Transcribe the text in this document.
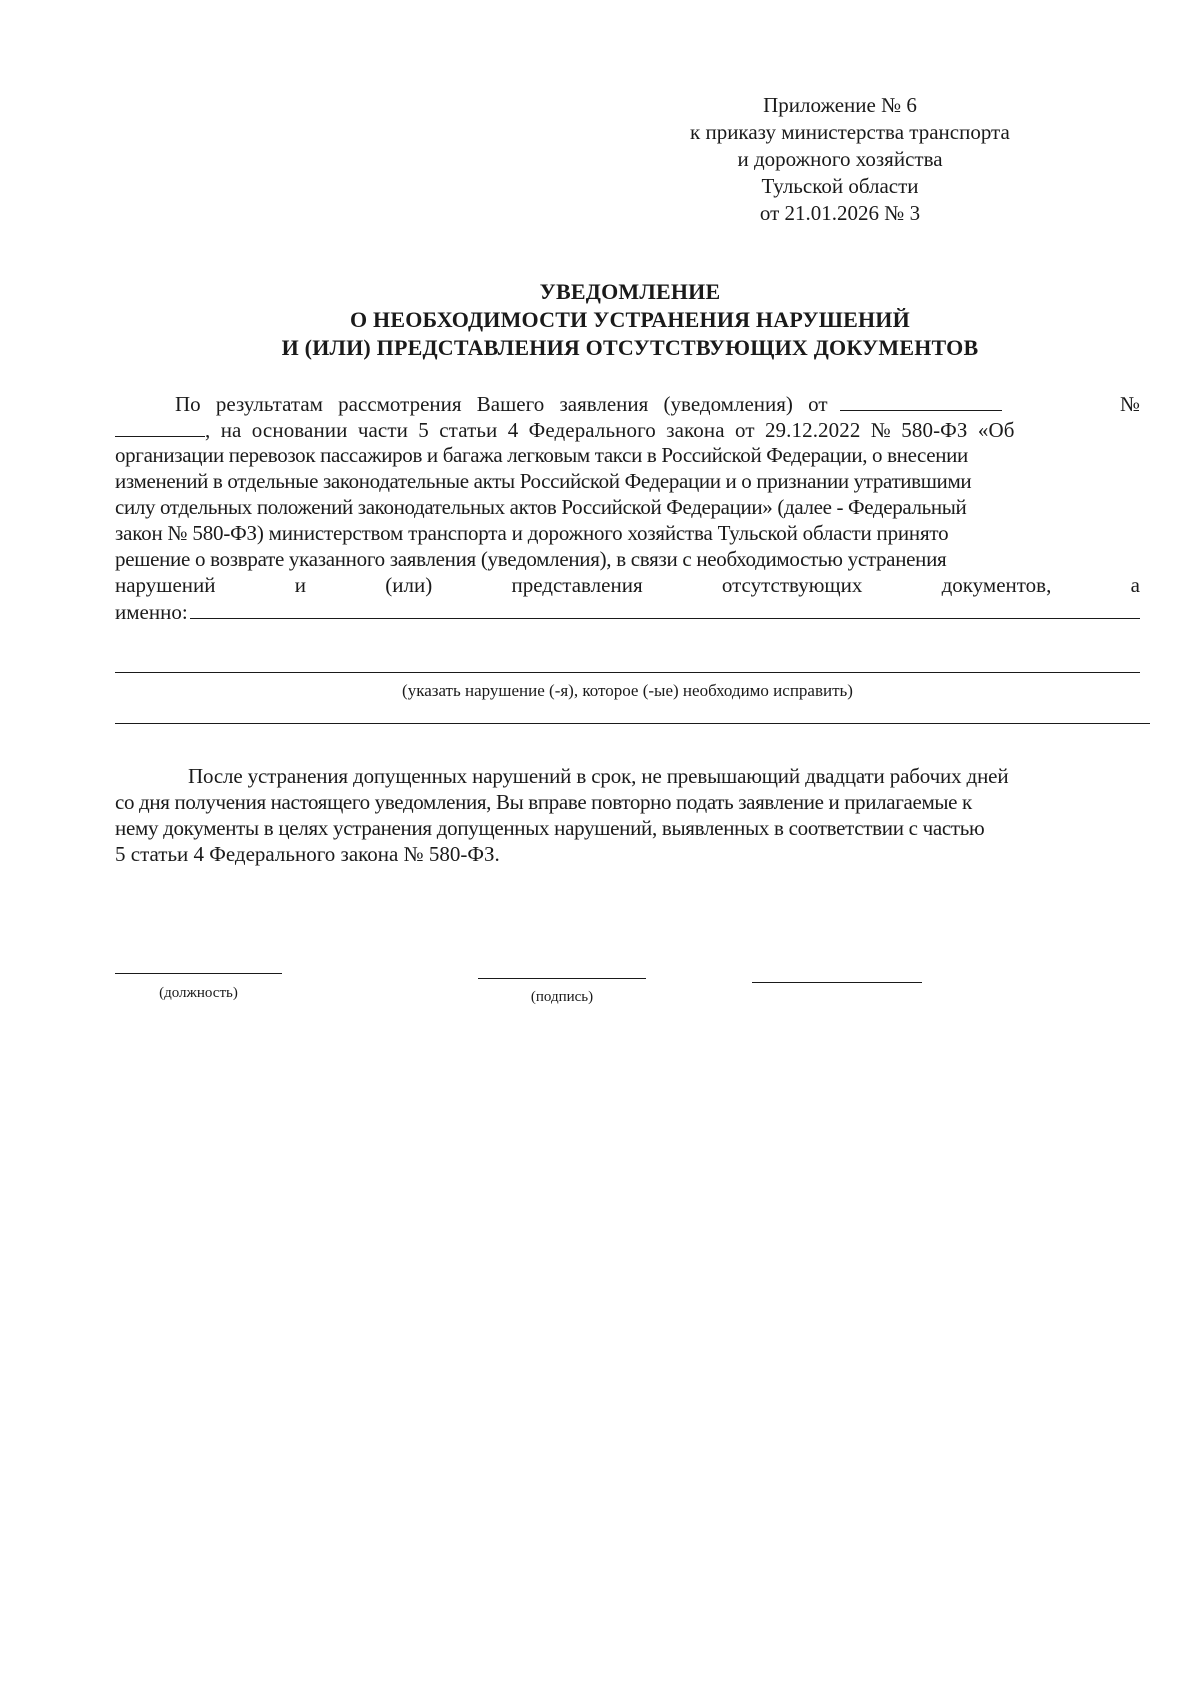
Приложение № 6
к приказу министерства транспорта
и дорожного хозяйства
Тульской области
от 21.01.2026 № 3
УВЕДОМЛЕНИЕ
О НЕОБХОДИМОСТИ УСТРАНЕНИЯ НАРУШЕНИЙ
И (ИЛИ) ПРЕДСТАВЛЕНИЯ ОТСУТСТВУЮЩИХ ДОКУМЕНТОВ
По результатам рассмотрения Вашего заявления (уведомления) от	№
, на основании части 5 статьи 4 Федерального закона от 29.12.2022 № 580-ФЗ «Об
организации перевозок пассажиров и багажа легковым такси в Российской Федерации, о внесении
изменений в отдельные законодательные акты Российской Федерации и о признании утратившими
силу отдельных положений законодательных актов Российской Федерации» (далее - Федеральный
закон № 580-ФЗ) министерством транспорта и дорожного хозяйства Тульской области принято
решение о возврате указанного заявления (уведомления), в связи с необходимостью устранения
нарушений	и	(или)	представления	отсутствующих	документов,	а
именно:
(указать нарушение (-я), которое (-ые) необходимо исправить)
После устранения допущенных нарушений в срок, не превышающий двадцати рабочих дней
со дня получения настоящего уведомления, Вы вправе повторно подать заявление и прилагаемые к
нему документы в целях устранения допущенных нарушений, выявленных в соответствии с частью
5 статьи 4 Федерального закона № 580-ФЗ.
(должность)	(подпись)
